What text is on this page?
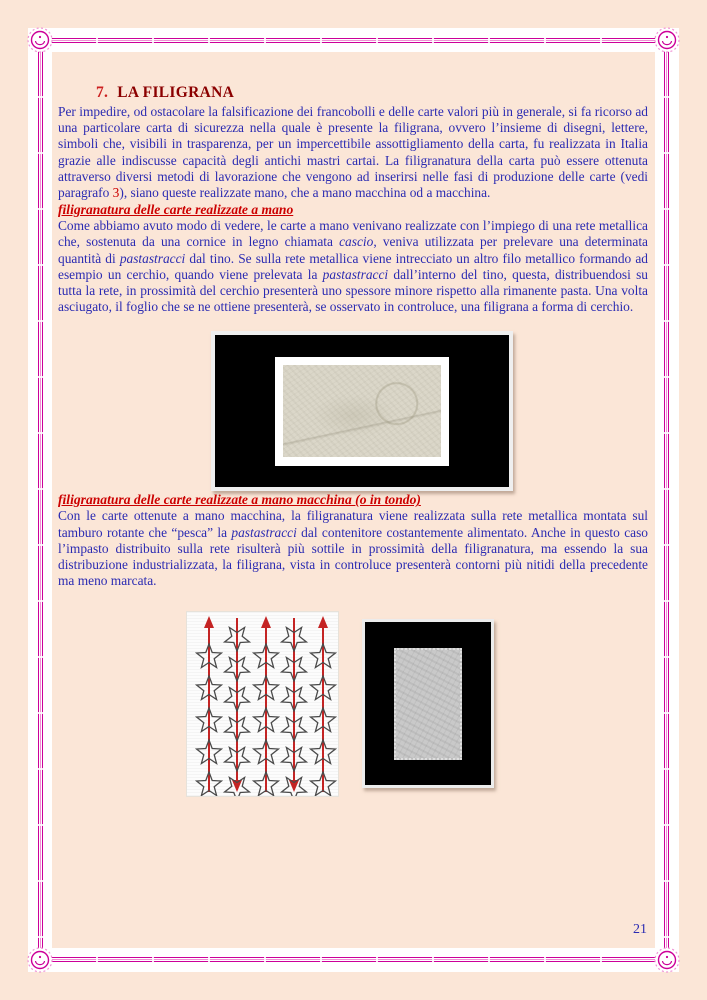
7. LA FILIGRANA

Per impedire, od ostacolare la falsificazione dei francobolli e delle carte valori più in generale, si fa ricorso ad una particolare carta di sicurezza nella quale è presente la filigrana, ovvero l’insieme di disegni, lettere, simboli che, visibili in trasparenza, per un impercettibile assottigliamento della carta, fu realizzata in Italia grazie alle indiscusse capacità degli antichi mastri cartai. La filigranatura della carta può essere ottenuta attraverso diversi metodi di lavorazione che vengono ad inserirsi nelle fasi di produzione delle carte (vedi paragrafo 3), siano queste realizzate mano, che a mano macchina od a macchina.

filigranatura delle carte realizzate a mano

Come abbiamo avuto modo di vedere, le carte a mano venivano realizzate con l’impiego di una rete metallica che, sostenuta da una cornice in legno chiamata cascio, veniva utilizzata per prelevare una determinata quantità di pastastracci dal tino. Se sulla rete metallica viene intrecciato un altro filo metallico formando ad esempio un cerchio, quando viene prelevata la pastastracci dall’interno del tino, questa, distribuendosi su tutta la rete, in prossimità del cerchio presenterà uno spessore minore rispetto alla rimanente pasta. Una volta asciugato, il foglio che se ne ottiene presenterà, se osservato in controluce, una filigrana a forma di cerchio.

filigranatura delle carte realizzate a mano macchina (o in tondo)

Con le carte ottenute a mano macchina, la filigranatura viene realizzata sulla rete metallica montata sul tamburo rotante che “pesca” la pastastracci dal contenitore costantemente alimentato. Anche in questo caso l’impasto distribuito sulla rete risulterà più sottile in prossimità della filigranatura, ma essendo la sua distribuzione industrializzata, la filigrana, vista in controluce presenterà contorni più nitidi della precedente ma meno marcata.

21
